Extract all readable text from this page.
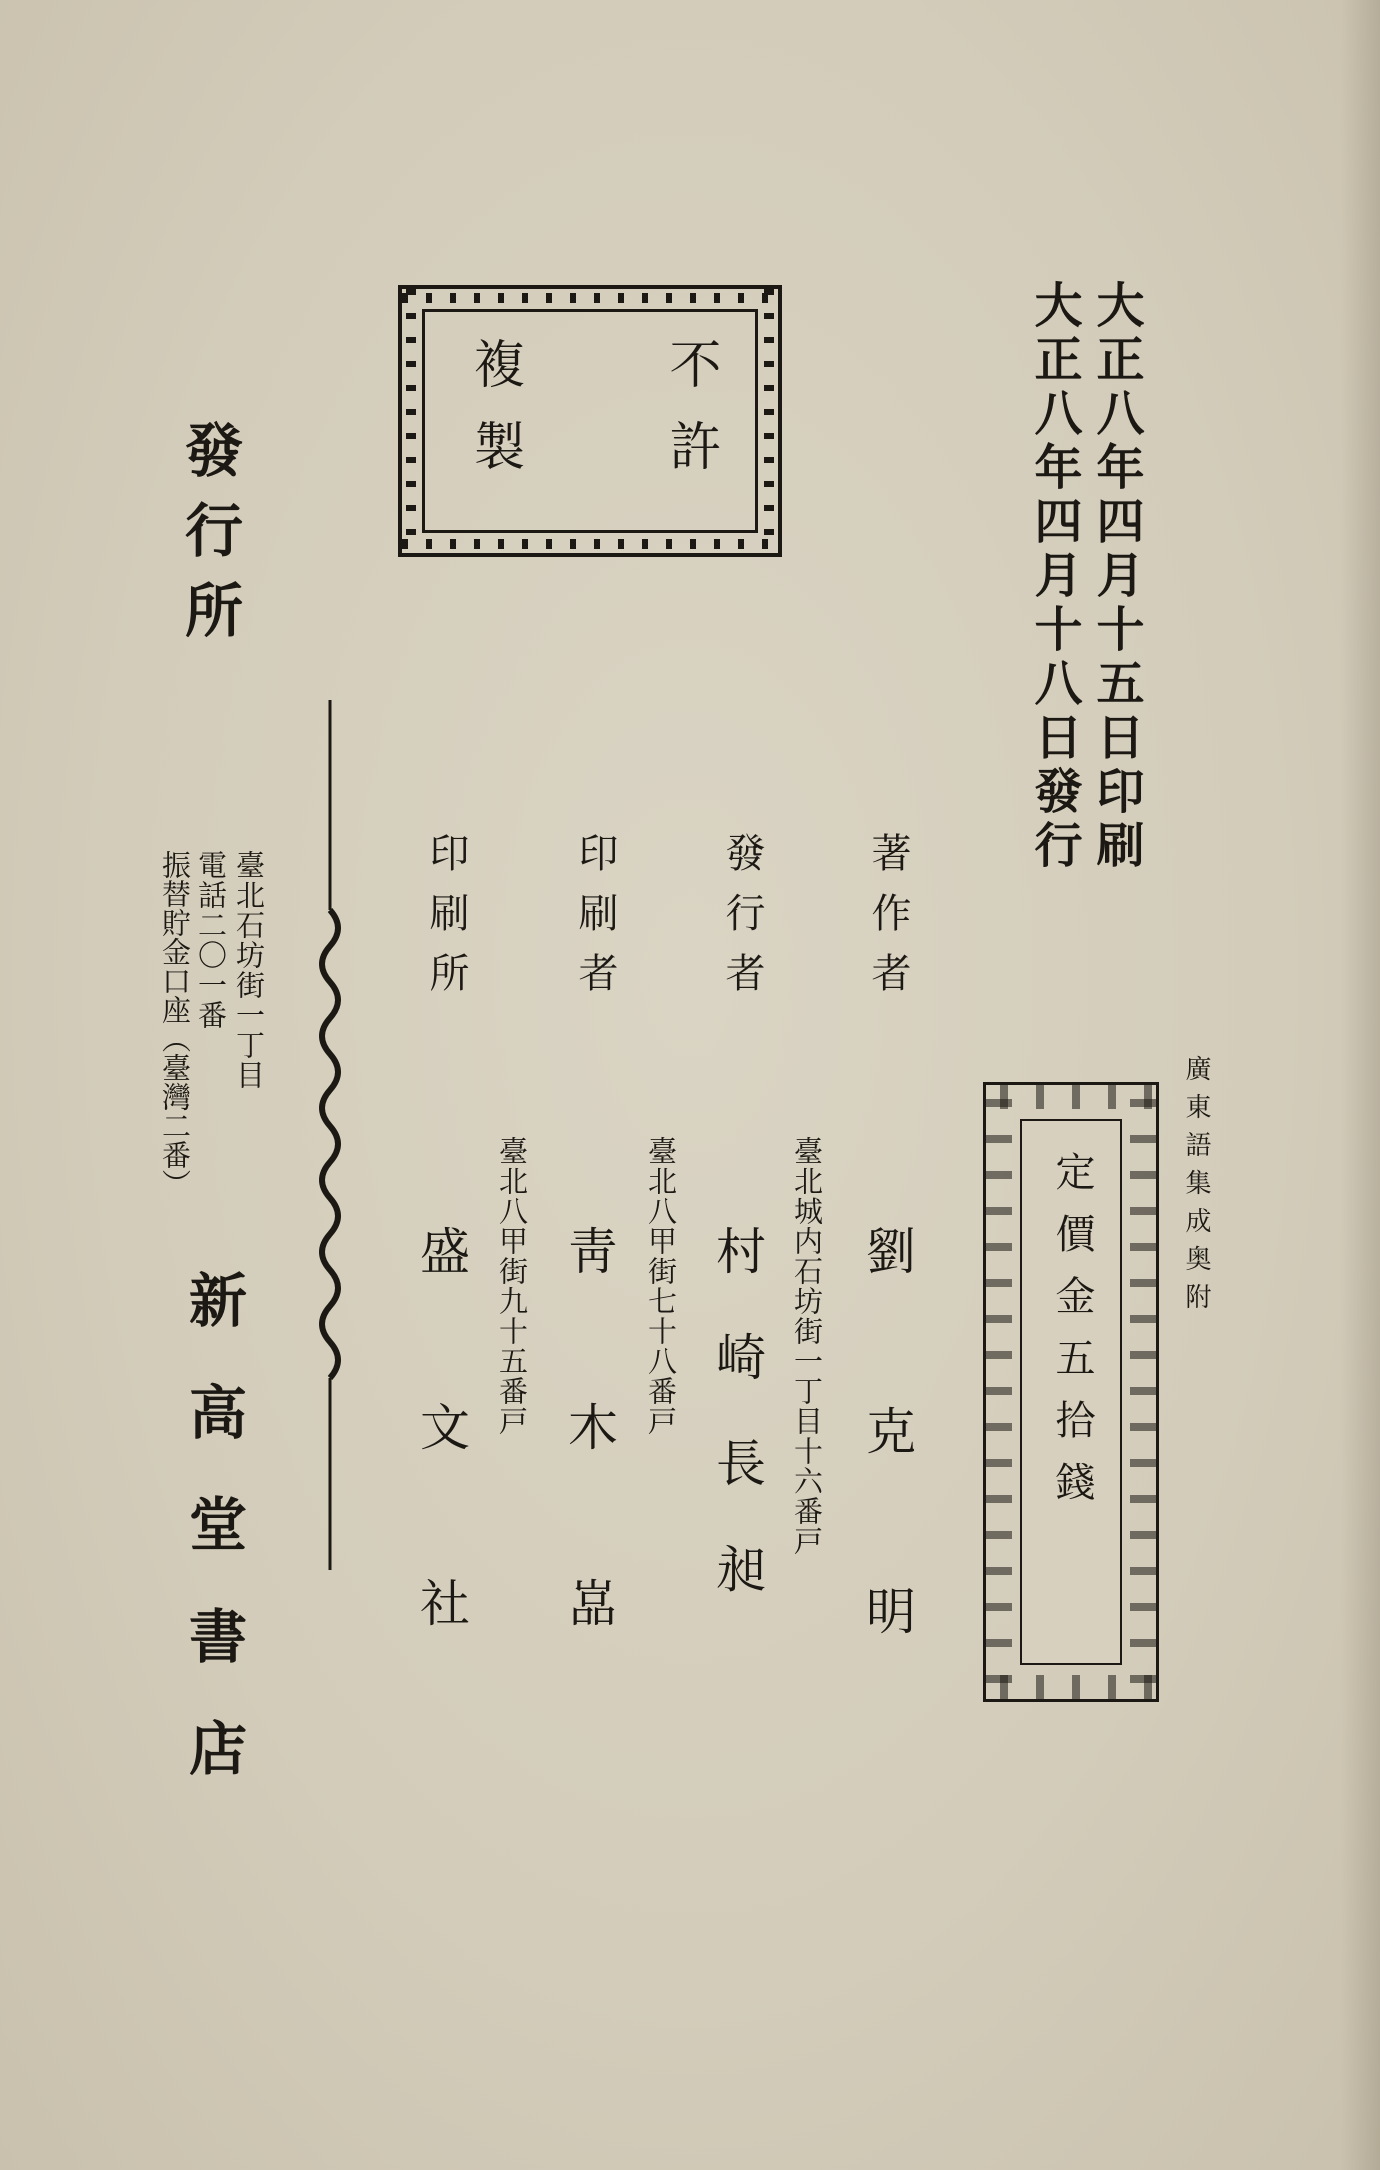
大正八年四月十五日印刷
大正八年四月十八日發行
不許
複製
廣東語集成奥附
定價金五拾錢
著作者
劉克明
臺北城内石坊街一丁目十六番戸
發行者
村崎長昶
臺北八甲街七十八番戸
印刷者
靑木嵓
臺北八甲街九十五番戸
印刷所
盛文社
發行所
臺北石坊街一丁目
電話二〇一番
振替貯金口座（臺灣二番）
新高堂書店
